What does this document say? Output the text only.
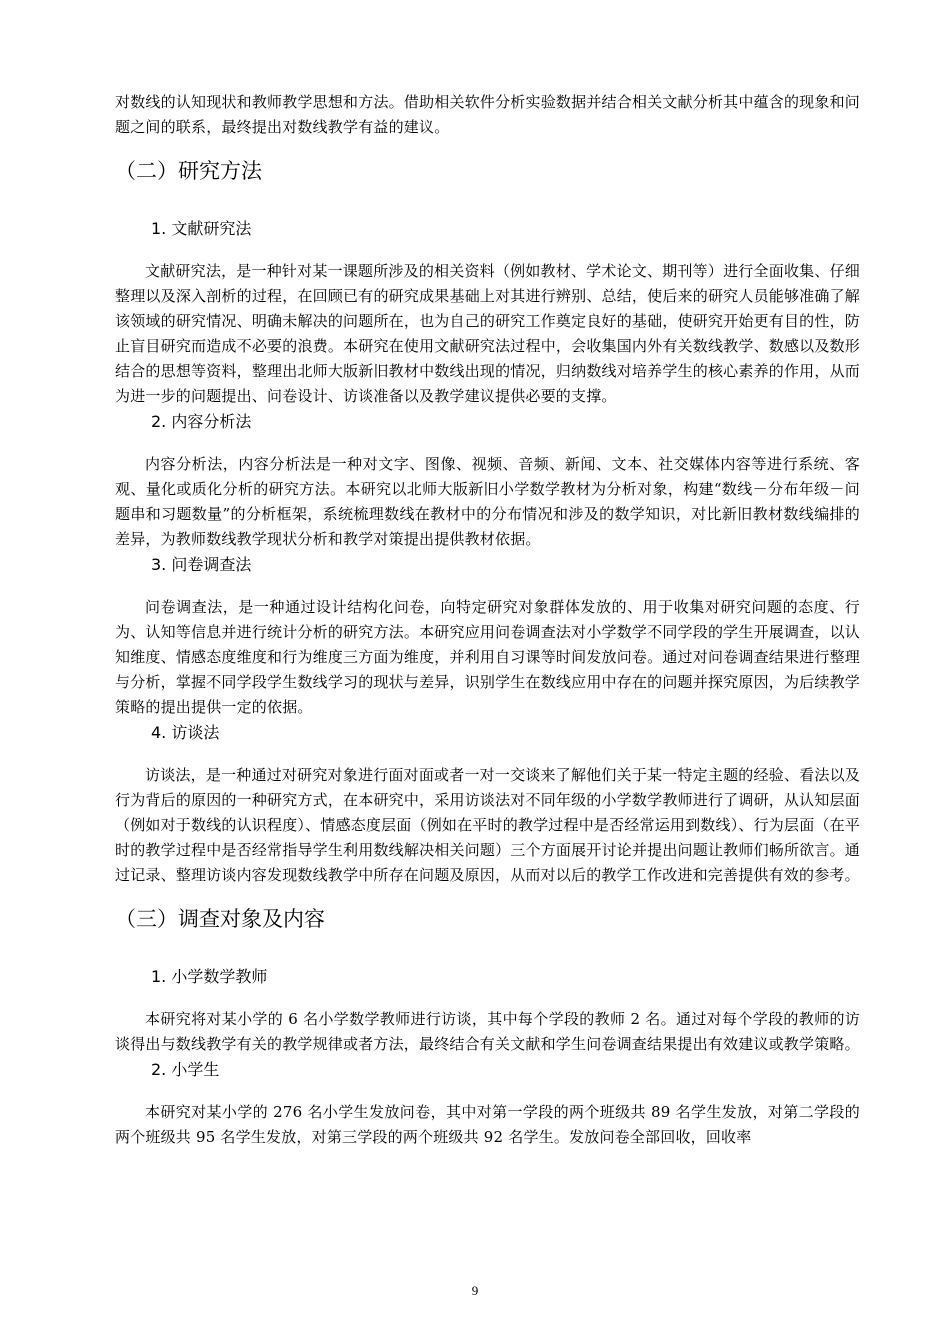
对数线的认知现状和教师教学思想和方法。借助相关软件分析实验数据并结合相关文献分析其中蕴含的现象和问题之间的联系，最终提出对数线教学有益的建议。

（二）研究方法
1. 文献研究法

文献研究法，是一种针对某一课题所涉及的相关资料（例如教材、学术论文、期刊等）进行全面收集、仔细整理以及深入剖析的过程，在回顾已有的研究成果基础上对其进行辨别、总结，使后来的研究人员能够准确了解该领域的研究情况、明确未解决的问题所在，也为自己的研究工作奠定良好的基础，使研究开始更有目的性，防止盲目研究而造成不必要的浪费。本研究在使用文献研究法过程中，会收集国内外有关数线教学、数感以及数形结合的思想等资料，整理出北师大版新旧教材中数线出现的情况，归纳数线对培养学生的核心素养的作用，从而为进一步的问题提出、问卷设计、访谈准备以及教学建议提供必要的支撑。

2. 内容分析法

内容分析法，内容分析法是一种对文字、图像、视频、音频、新闻、文本、社交媒体内容等进行系统、客观、量化或质化分析的研究方法。本研究以北师大版新旧小学数学教材为分析对象，构建“数线－分布年级－问题串和习题数量”的分析框架，系统梳理数线在教材中的分布情况和涉及的数学知识，对比新旧教材数线编排的差异，为教师数线教学现状分析和教学对策提出提供教材依据。

3. 问卷调查法

问卷调查法，是一种通过设计结构化问卷，向特定研究对象群体发放的、用于收集对研究问题的态度、行为、认知等信息并进行统计分析的研究方法。本研究应用问卷调查法对小学数学不同学段的学生开展调查，以认知维度、情感态度维度和行为维度三方面为维度，并利用自习课等时间发放问卷。通过对问卷调查结果进行整理与分析，掌握不同学段学生数线学习的现状与差异，识别学生在数线应用中存在的问题并探究原因，为后续教学策略的提出提供一定的依据。

4. 访谈法

访谈法，是一种通过对研究对象进行面对面或者一对一交谈来了解他们关于某一特定主题的经验、看法以及行为背后的原因的一种研究方式，在本研究中，采用访谈法对不同年级的小学数学教师进行了调研，从认知层面（例如对于数线的认识程度）、情感态度层面（例如在平时的教学过程中是否经常运用到数线）、行为层面（在平时的教学过程中是否经常指导学生利用数线解决相关问题）三个方面展开讨论并提出问题让教师们畅所欲言。通过记录、整理访谈内容发现数线教学中所存在问题及原因，从而对以后的教学工作改进和完善提供有效的参考。

（三）调查对象及内容
1. 小学数学教师

本研究将对某小学的 6 名小学数学教师进行访谈，其中每个学段的教师 2 名。通过对每个学段的教师的访谈得出与数线教学有关的教学规律或者方法，最终结合有关文献和学生问卷调查结果提出有效建议或教学策略。

2. 小学生

本研究对某小学的 276 名小学生发放问卷，其中对第一学段的两个班级共 89 名学生发放，对第二学段的两个班级共 95 名学生发放，对第三学段的两个班级共 92 名学生。发放问卷全部回收，回收率

9
